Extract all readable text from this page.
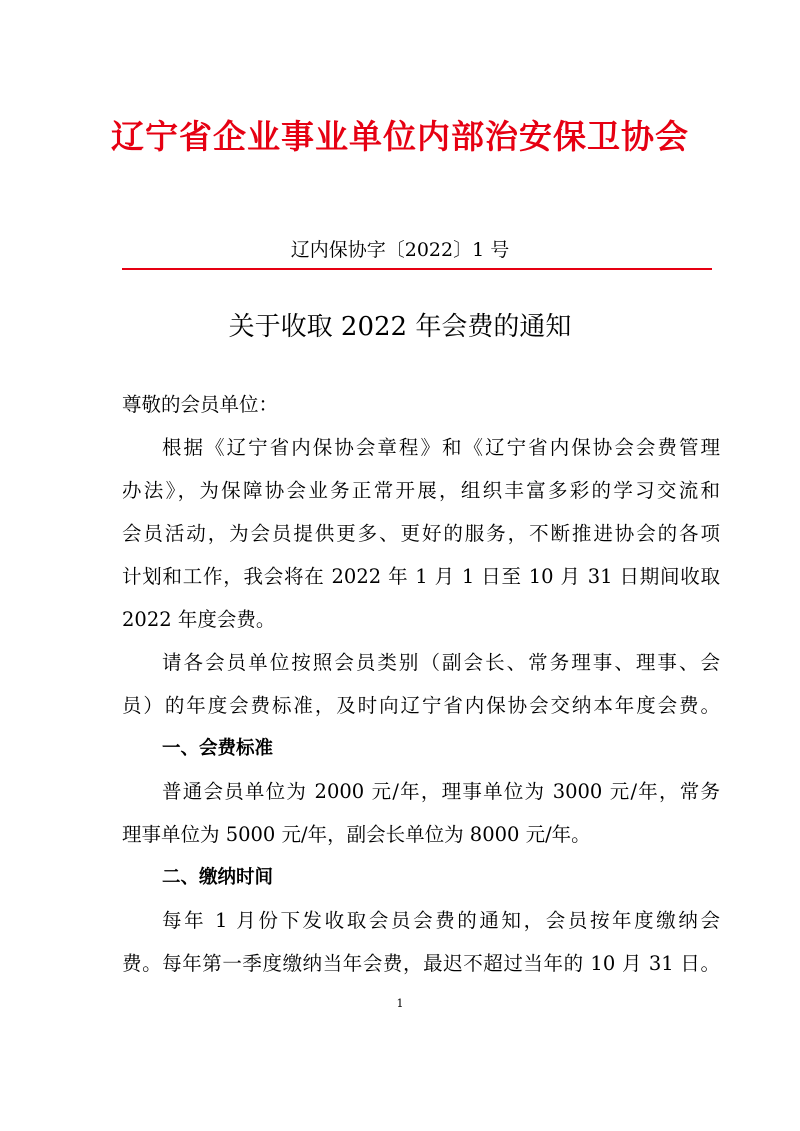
辽宁省企业事业单位内部治安保卫协会
辽内保协字〔2022〕1 号
关于收取 2022 年会费的通知
尊敬的会员单位：
根据《辽宁省内保协会章程》和《辽宁省内保协会会费管理
办法》，为保障协会业务正常开展，组织丰富多彩的学习交流和
会员活动，为会员提供更多、更好的服务，不断推进协会的各项
计划和工作，我会将在 2022 年 1 月 1 日至 10 月 31 日期间收取
2022 年度会费。
请各会员单位按照会员类别（副会长、常务理事、理事、会
员）的年度会费标准，及时向辽宁省内保协会交纳本年度会费。
一、会费标准
普通会员单位为 2000 元/年，理事单位为 3000 元/年，常务
理事单位为 5000 元/年，副会长单位为 8000 元/年。
二、缴纳时间
每年 1 月份下发收取会员会费的通知，会员按年度缴纳会
费。每年第一季度缴纳当年会费，最迟不超过当年的 10 月 31 日。
1
